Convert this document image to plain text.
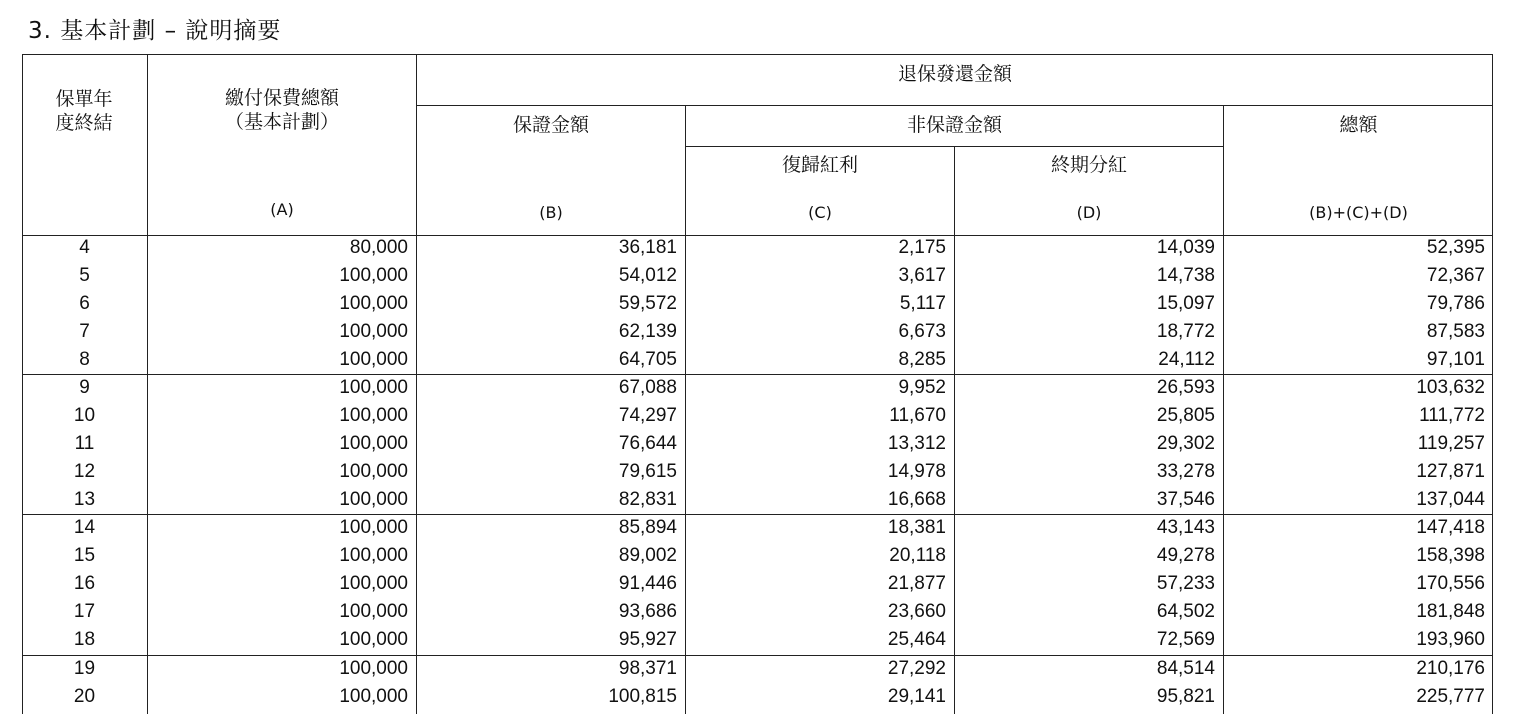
3. 基本計劃 – 說明摘要
保單年度終結
繳付保費總額
（基本計劃）
退保發還金額
保證金額	非保證金額	總額
復歸紅利	終期分紅
(A)	(B)	(C)	(D)	(B)+(C)+(D)
4	80,000	36,181	2,175	14,039	52,395
5	100,000	54,012	3,617	14,738	72,367
6	100,000	59,572	5,117	15,097	79,786
7	100,000	62,139	6,673	18,772	87,583
8	100,000	64,705	8,285	24,112	97,101
9	100,000	67,088	9,952	26,593	103,632
10	100,000	74,297	11,670	25,805	111,772
11	100,000	76,644	13,312	29,302	119,257
12	100,000	79,615	14,978	33,278	127,871
13	100,000	82,831	16,668	37,546	137,044
14	100,000	85,894	18,381	43,143	147,418
15	100,000	89,002	20,118	49,278	158,398
16	100,000	91,446	21,877	57,233	170,556
17	100,000	93,686	23,660	64,502	181,848
18	100,000	95,927	25,464	72,569	193,960
19	100,000	98,371	27,292	84,514	210,176
20	100,000	100,815	29,141	95,821	225,777
